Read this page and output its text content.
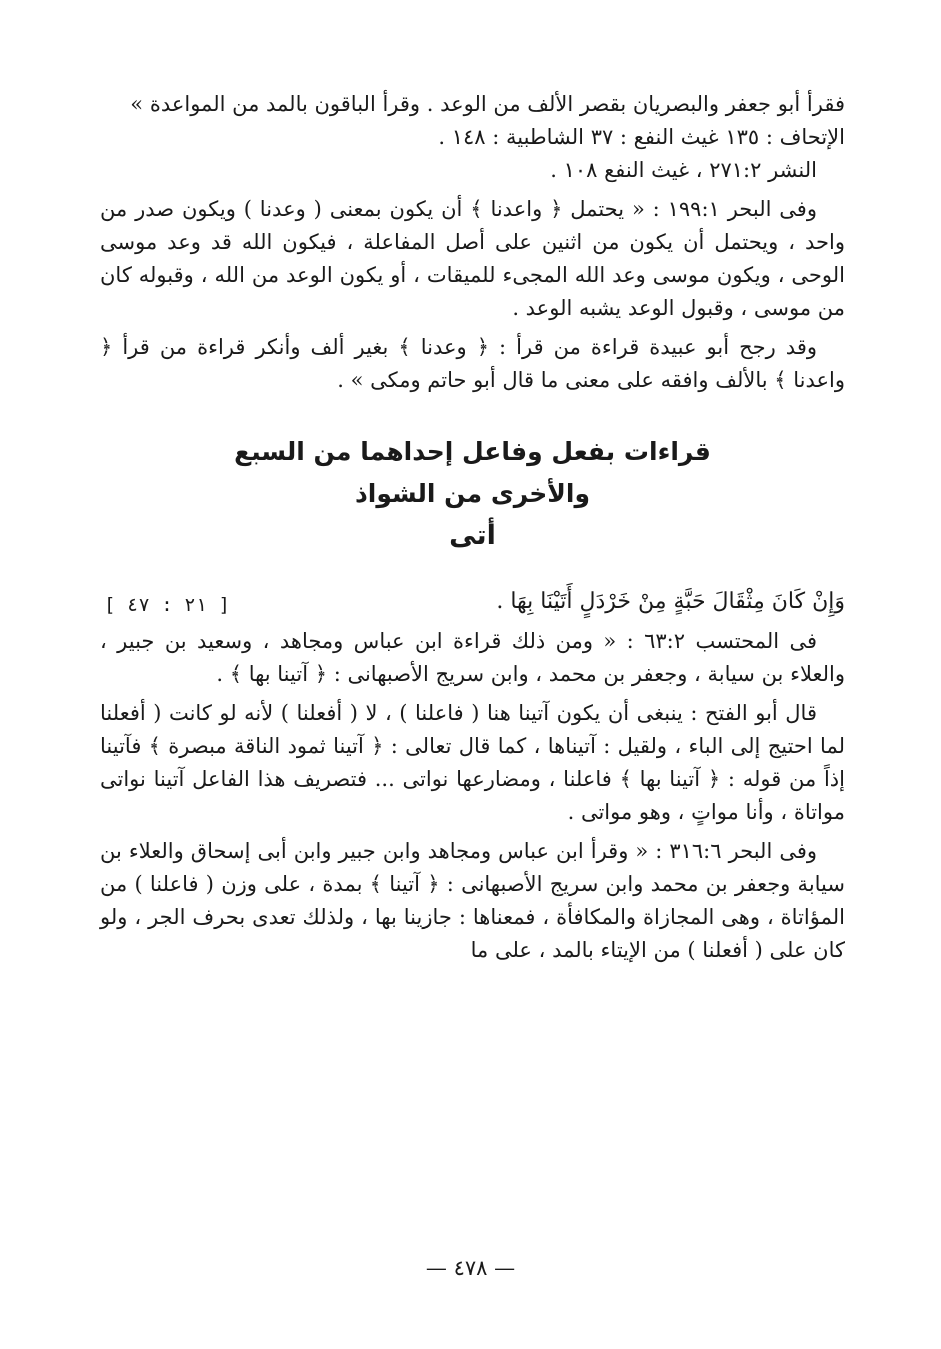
فقرأ أبو جعفر والبصريان بقصر الألف من الوعد . وقرأ الباقون بالمد من المواعدة »

الإتحاف : ١٣٥ غيث النفع : ٣٧ الشاطبية : ١٤٨ .

النشر ٢٧١:٢ ، غيث النفع ١٠٨ .

وفى البحر ١٩٩:١ : « يحتمل ﴿ واعدنا ﴾ أن يكون بمعنى ( وعدنا ) ويكون صدر من واحد ، ويحتمل أن يكون من اثنين على أصل المفاعلة ، فيكون الله قد وعد موسى الوحى ، ويكون موسى وعد الله المجىء للميقات ، أو يكون الوعد من الله ، وقبوله كان من موسى ، وقبول الوعد يشبه الوعد .

وقد رجح أبو عبيدة قراءة من قرأ : ﴿ وعدنا ﴾ بغير ألف وأنكر قراءة من قرأ ﴿ واعدنا ﴾ بالألف وافقه على معنى ما قال أبو حاتم ومكى » .

قراءات بفعل وفاعل إحداهما من السبع
والأخرى من الشواذ
أتى
وَإِنْ كَانَ مِثْقَالَ حَبَّةٍ مِنْ خَرْدَلٍ أَتَيْنَا بِهَا .
[ ٢١ : ٤٧ ]

فى المحتسب ٦٣:٢ : « ومن ذلك قراءة ابن عباس ومجاهد ، وسعيد بن جبير ، والعلاء بن سيابة ، وجعفر بن محمد ، وابن سريج الأصبهانى : ﴿ آتينا بها ﴾ .

قال أبو الفتح : ينبغى أن يكون آتينا هنا ( فاعلنا ) ، لا ( أفعلنا ) لأنه لو كانت ( أفعلنا لما احتيج إلى الباء ، ولقيل : آتيناها ، كما قال تعالى : ﴿ آتينا ثمود الناقة مبصرة ﴾ فآتينا إذاً من قوله : ﴿ آتينا بها ﴾ فاعلنا ، ومضارعها نواتى ... فتصريف هذا الفاعل آتينا نواتى مواتاة ، وأنا مواتٍ ، وهو مواتى .

وفى البحر ٣١٦:٦ : « وقرأ ابن عباس ومجاهد وابن جبير وابن أبى إسحاق والعلاء بن سيابة وجعفر بن محمد وابن سريج الأصبهانى : ﴿ آتينا ﴾ بمدة ، على وزن ( فاعلنا ) من المؤاتاة ، وهى المجازاة والمكافأة ، فمعناها : جازينا بها ، ولذلك تعدى بحرف الجر ، ولو كان على ( أفعلنا ) من الإيتاء بالمد ، على ما

— ٤٧٨ —
